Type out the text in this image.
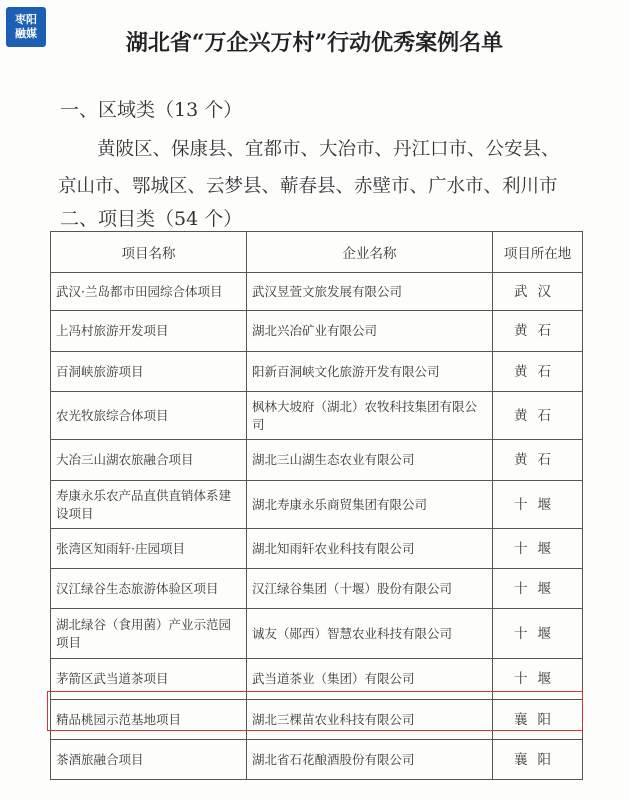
枣阳
融媒	湖北省“万企兴万村”行动优秀案例名单
一、区域类（13 个）
黄陂区、保康县、宜都市、大冶市、丹江口市、公安县、
京山市、鄂城区、云梦县、蕲春县、赤壁市、广水市、利川市
二、项目类（54 个）
项目名称	企业名称	项目所在地
武汉·兰岛都市田园综合体项目	武汉昱萱文旅发展有限公司	武汉
上冯村旅游开发项目	湖北兴冶矿业有限公司	黄石
百洞峡旅游项目	阳新百洞峡文化旅游开发有限公司	黄石
农光牧旅综合体项目	枫林大坡府（湖北）农牧科技集团有限公司	黄石
大冶三山湖农旅融合项目	湖北三山湖生态农业有限公司	黄石
寿康永乐农产品直供直销体系建设项目	湖北寿康永乐商贸集团有限公司	十堰
张湾区知雨轩·庄园项目	湖北知雨轩农业科技有限公司	十堰
汉江绿谷生态旅游体验区项目	汉江绿谷集团（十堰）股份有限公司	十堰
湖北绿谷（食用菌）产业示范园项目	诚友（郧西）智慧农业科技有限公司	十堰
茅箭区武当道茶项目	武当道茶业（集团）有限公司	十堰
精品桃园示范基地项目	湖北三棵苗农业科技有限公司	襄阳
茶酒旅融合项目	湖北省石花酿酒股份有限公司	襄阳
